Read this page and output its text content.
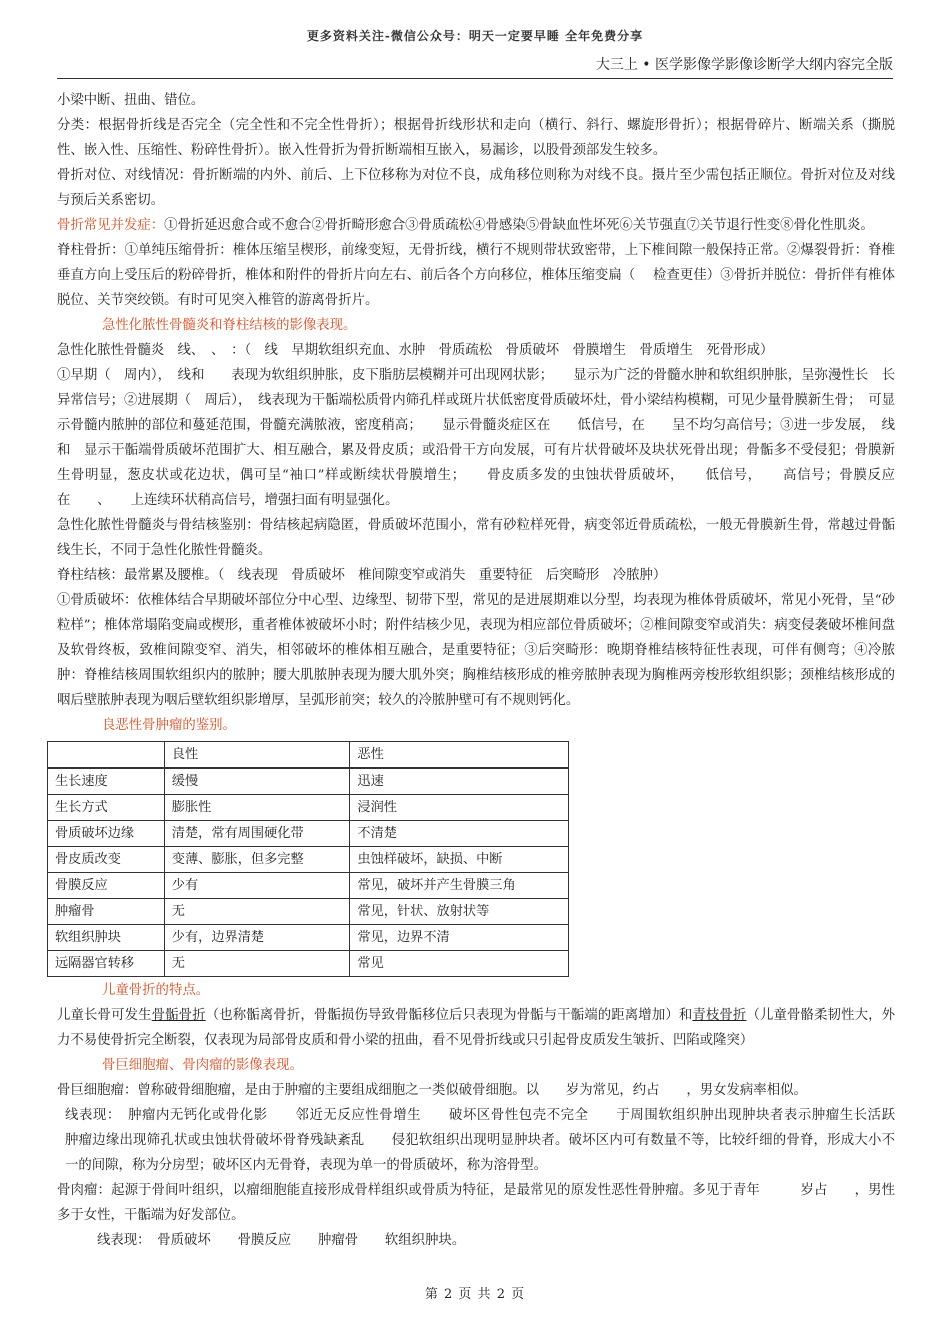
更多资料关注-微信公众号：明天一定要早睡 全年免费分享
大三上 • 医学影像学影像诊断学大纲内容完全版

小梁中断、扭曲、错位。

分类：根据骨折线是否完全（完全性和不完全性骨折）；根据骨折线形状和走向（横行、斜行、螺旋形骨折）；根据骨碎片、断端关系（撕脱性、嵌入性、压缩性、粉碎性骨折）。嵌入性骨折为骨折断端相互嵌入，易漏诊，以股骨颈部发生较多。

骨折对位、对线情况：骨折断端的内外、前后、上下位移称为对位不良，成角移位则称为对线不良。摄片至少需包括正顺位。骨折对位及对线与预后关系密切。

骨折常见并发症：①骨折延迟愈合或不愈合②骨折畸形愈合③骨质疏松④骨感染⑤骨缺血性坏死⑥关节强直⑦关节退行性变⑧骨化性肌炎。

脊柱骨折：①单纯压缩骨折：椎体压缩呈楔形，前缘变短，无骨折线，横行不规则带状致密带，上下椎间隙一般保持正常。②爆裂骨折：脊椎垂直方向上受压后的粉碎骨折，椎体和附件的骨折片向左右、前后各个方向移位，椎体压缩变扁（　 检查更佳）③骨折并脱位：骨折伴有椎体脱位、关节突绞锁。有时可见突入椎管的游离骨折片。

急性化脓性骨髓炎和脊柱结核的影像表现。

急性化脓性骨髓炎　线、　、　：（　线　早期软组织充血、水肿　骨质疏松　骨质破坏　骨膜增生　骨质增生　死骨形成）

①早期（　周内），　线和　　表现为软组织肿胀，皮下脂肪层模糊并可出现网状影；　　显示为广泛的骨髓水肿和软组织肿胀，呈弥漫性长　长　异常信号；②进展期（　周后），　线表现为干骺端松质骨内筛孔样或斑片状低密度骨质破坏灶，骨小梁结构模糊，可见少量骨膜新生骨；　可显示骨髓内脓肿的部位和蔓延范围，骨髓充满脓液，密度稍高；　　显示骨髓炎症区在　　低信号，在　　呈不均匀高信号；③进一步发展，　线和　显示干骺端骨质破坏范围扩大、相互融合，累及骨皮质；或沿骨干方向发展，可有片状骨破坏及块状死骨出现；骨骺多不受侵犯；骨膜新生骨明显，葱皮状或花边状，偶可呈“袖口”样或断续状骨膜增生；　　骨皮质多发的虫蚀状骨质破坏，　　低信号，　　高信号；骨膜反应在　　、　　上连续环状稍高信号，增强扫面有明显强化。

急性化脓性骨髓炎与骨结核鉴别：骨结核起病隐匿，骨质破坏范围小，常有砂粒样死骨，病变邻近骨质疏松，一般无骨膜新生骨，常越过骨骺线生长，不同于急性化脓性骨髓炎。

脊柱结核：最常累及腰椎。（　线表现　骨质破坏　椎间隙变窄或消失　重要特征　后突畸形　冷脓肿）

①骨质破坏：依椎体结合早期破坏部位分中心型、边缘型、韧带下型，常见的是进展期难以分型，均表现为椎体骨质破坏，常见小死骨，呈“砂粒样”；椎体常塌陷变扁或楔形，重者椎体被破坏小时；附件结核少见，表现为相应部位骨质破坏；②椎间隙变窄或消失：病变侵袭破坏椎间盘及软骨终板，致椎间隙变窄、消失，相邻破坏的椎体相互融合，是重要特征；③后突畸形：晚期脊椎结核特征性表现，可伴有侧弯；④冷脓肿：脊椎结核周围软组织内的脓肿；腰大肌脓肿表现为腰大肌外突；胸椎结核形成的椎旁脓肿表现为胸椎两旁梭形软组织影；颈椎结核形成的咽后壁脓肿表现为咽后壁软组织影增厚，呈弧形前突；较久的冷脓肿壁可有不规则钙化。

良恶性骨肿瘤的鉴别。

	良性	恶性
生长速度	缓慢	迅速
生长方式	膨胀性	浸润性
骨质破坏边缘	清楚，常有周围硬化带	不清楚
骨皮质改变	变薄、膨胀，但多完整	虫蚀样破坏，缺损、中断
骨膜反应	少有	常见，破坏并产生骨膜三角
肿瘤骨	无	常见，针状、放射状等
软组织肿块	少有，边界清楚	常见，边界不清
远隔器官转移	无	常见

儿童骨折的特点。

儿童长骨可发生骨骺骨折（也称骺离骨折，骨骺损伤导致骨骺移位后只表现为骨骺与干骺端的距离增加）和青枝骨折（儿童骨骼柔韧性大，外力不易使骨折完全断裂，仅表现为局部骨皮质和骨小梁的扭曲，看不见骨折线或只引起骨皮质发生皱折、凹陷或隆突）

骨巨细胞瘤、骨肉瘤的影像表现。

骨巨细胞瘤：曾称破骨细胞瘤，是由于肿瘤的主要组成细胞之一类似破骨细胞。以　　岁为常见，约占　　，男女发病率相似。

线表现：　肿瘤内无钙化或骨化影　　邻近无反应性骨增生　　破坏区骨性包壳不完全　　于周围软组织肿出现肿块者表示肿瘤生长活跃　　肿瘤边缘出现筛孔状或虫蚀状骨破坏骨脊残缺紊乱　　侵犯软组织出现明显肿块者。破坏区内可有数量不等，比较纤细的骨脊，形成大小不一的间隙，称为分房型；破坏区内无骨脊，表现为单一的骨质破坏，称为溶骨型。

骨肉瘤：起源于骨间叶组织，以瘤细胞能直接形成骨样组织或骨质为特征，是最常见的原发性恶性骨肿瘤。多见于青年　　　岁占　　，男性多于女性，干骺端为好发部位。

线表现：　骨质破坏　　骨膜反应　　肿瘤骨　　软组织肿块。

第 2 页 共 2 页
